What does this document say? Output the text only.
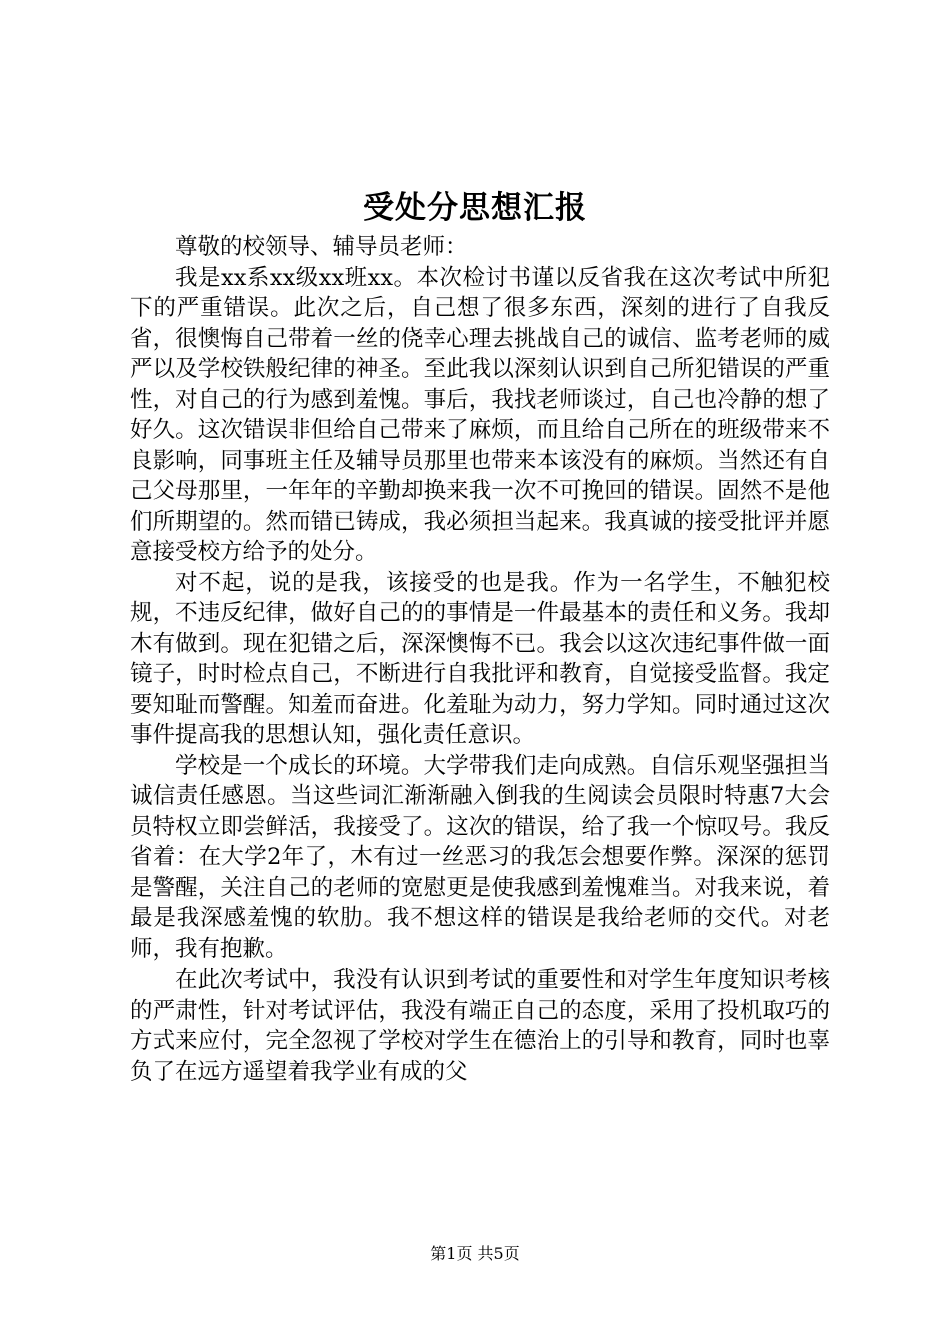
受处分思想汇报

尊敬的校领导、辅导员老师：

我是xx系xx级xx班xx。本次检讨书谨以反省我在这次考试中所犯下的严重错误。此次之后，自己想了很多东西，深刻的进行了自我反省，很懊悔自己带着一丝的侥幸心理去挑战自己的诚信、监考老师的威严以及学校铁般纪律的神圣。至此我以深刻认识到自己所犯错误的严重性，对自己的行为感到羞愧。事后，我找老师谈过，自己也冷静的想了好久。这次错误非但给自己带来了麻烦，而且给自己所在的班级带来不良影响，同事班主任及辅导员那里也带来本该没有的麻烦。当然还有自己父母那里，一年年的辛勤却换来我一次不可挽回的错误。固然不是他们所期望的。然而错已铸成，我必须担当起来。我真诚的接受批评并愿意接受校方给予的处分。

对不起，说的是我，该接受的也是我。作为一名学生，不触犯校规，不违反纪律，做好自己的的事情是一件最基本的责任和义务。我却木有做到。现在犯错之后，深深懊悔不已。我会以这次违纪事件做一面镜子，时时检点自己，不断进行自我批评和教育，自觉接受监督。我定要知耻而警醒。知羞而奋进。化羞耻为动力，努力学知。同时通过这次事件提高我的思想认知，强化责任意识。

学校是一个成长的环境。大学带我们走向成熟。自信乐观坚强担当诚信责任感恩。当这些词汇渐渐融入倒我的生阅读会员限时特惠7大会员特权立即尝鲜活，我接受了。这次的错误，给了我一个惊叹号。我反省着：在大学2年了，木有过一丝恶习的我怎会想要作弊。深深的惩罚是警醒，关注自己的老师的宽慰更是使我感到羞愧难当。对我来说，着最是我深感羞愧的软肋。我不想这样的错误是我给老师的交代。对老师，我有抱歉。

在此次考试中，我没有认识到考试的重要性和对学生年度知识考核的严肃性，针对考试评估，我没有端正自己的态度，采用了投机取巧的方式来应付，完全忽视了学校对学生在德治上的引导和教育，同时也辜负了在远方遥望着我学业有成的父

第1页 共5页
